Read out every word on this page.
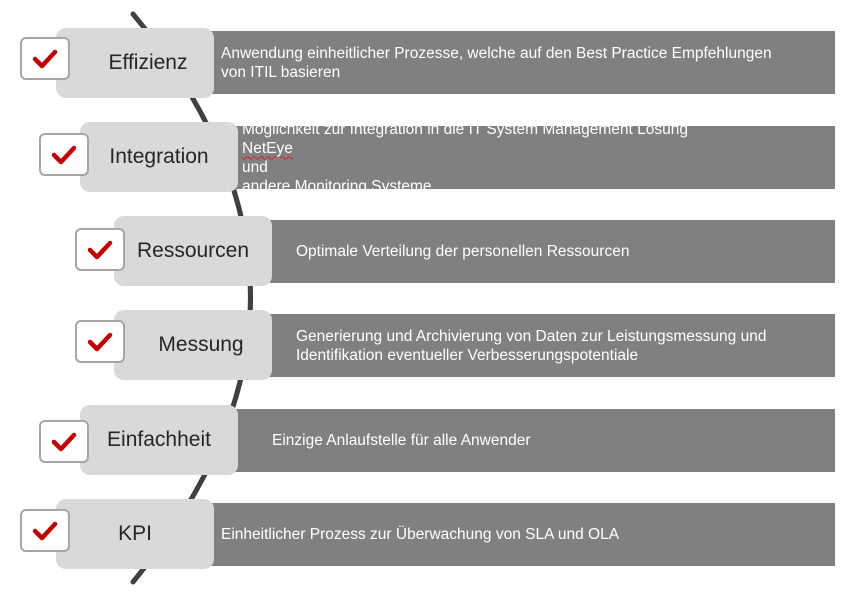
Anwendung einheitlicher Prozesse, welche auf den Best Practice Empfehlungen
von ITIL basieren
Effizienz
Möglichkeit zur Integration in die IT System Management Lösung
NetEye
und
andere Monitoring Systeme
Integration
Optimale Verteilung der personellen Ressourcen
Ressourcen
Generierung und Archivierung von Daten zur Leistungsmessung und
Identifikation eventueller Verbesserungspotentiale
Messung
Einzige Anlaufstelle für alle Anwender
Einfachheit
Einheitlicher Prozess zur Überwachung von SLA und OLA
KPI
